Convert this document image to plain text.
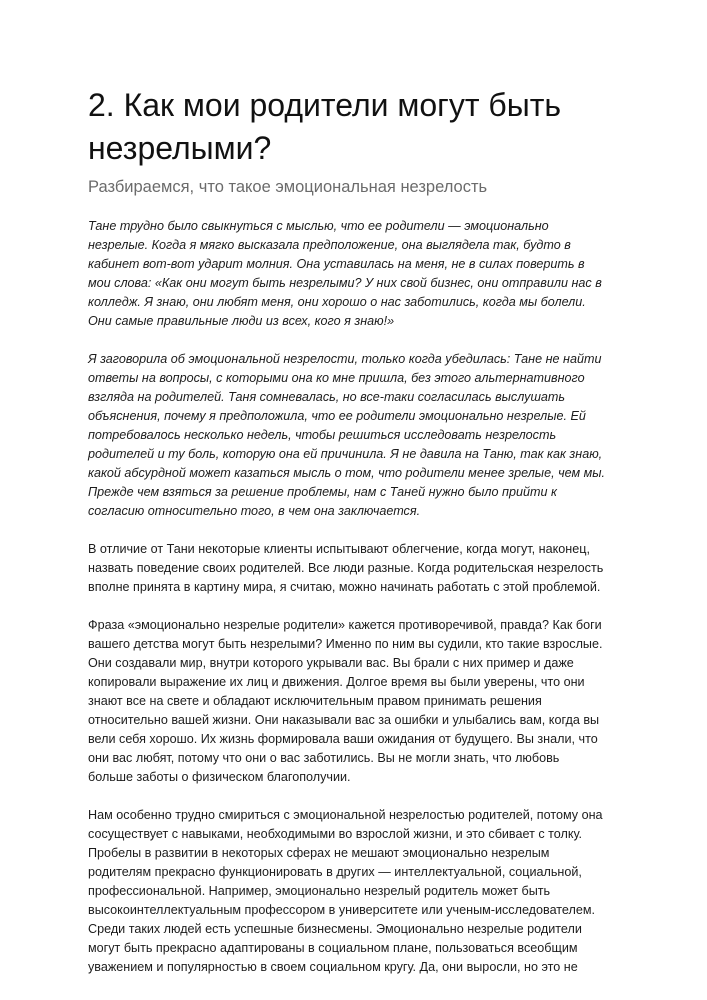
2. Как мои родители могут быть
незрелыми?

Разбираемся, что такое эмоциональная незрелость

Тане трудно было свыкнуться с мыслью, что ее родители — эмоционально
незрелые. Когда я мягко высказала предположение, она выглядела так, будто в
кабинет вот-вот ударит молния. Она уставилась на меня, не в силах поверить в
мои слова: «Как они могут быть незрелыми? У них свой бизнес, они отправили нас в
колледж. Я знаю, они любят меня, они хорошо о нас заботились, когда мы болели.
Они самые правильные люди из всех, кого я знаю!»

Я заговорила об эмоциональной незрелости, только когда убедилась: Тане не найти
ответы на вопросы, с которыми она ко мне пришла, без этого альтернативного
взгляда на родителей. Таня сомневалась, но все-таки согласилась выслушать
объяснения, почему я предположила, что ее родители эмоционально незрелые. Ей
потребовалось несколько недель, чтобы решиться исследовать незрелость
родителей и ту боль, которую она ей причинила. Я не давила на Таню, так как знаю,
какой абсурдной может казаться мысль о том, что родители менее зрелые, чем мы.
Прежде чем взяться за решение проблемы, нам с Таней нужно было прийти к
согласию относительно того, в чем она заключается.

В отличие от Тани некоторые клиенты испытывают облегчение, когда могут, наконец,
назвать поведение своих родителей. Все люди разные. Когда родительская незрелость
вполне принята в картину мира, я считаю, можно начинать работать с этой проблемой.

Фраза «эмоционально незрелые родители» кажется противоречивой, правда? Как боги
вашего детства могут быть незрелыми? Именно по ним вы судили, кто такие взрослые.
Они создавали мир, внутри которого укрывали вас. Вы брали с них пример и даже
копировали выражение их лиц и движения. Долгое время вы были уверены, что они
знают все на свете и обладают исключительным правом принимать решения
относительно вашей жизни. Они наказывали вас за ошибки и улыбались вам, когда вы
вели себя хорошо. Их жизнь формировала ваши ожидания от будущего. Вы знали, что
они вас любят, потому что они о вас заботились. Вы не могли знать, что любовь
больше заботы о физическом благополучии.

Нам особенно трудно смириться с эмоциональной незрелостью родителей, потому она
сосуществует с навыками, необходимыми во взрослой жизни, и это сбивает с толку.
Пробелы в развитии в некоторых сферах не мешают эмоционально незрелым
родителям прекрасно функционировать в других — интеллектуальной, социальной,
профессиональной. Например, эмоционально незрелый родитель может быть
высокоинтеллектуальным профессором в университете или ученым-исследователем.
Среди таких людей есть успешные бизнесмены. Эмоционально незрелые родители
могут быть прекрасно адаптированы в социальном плане, пользоваться всеобщим
уважением и популярностью в своем социальном кругу. Да, они выросли, но это не
